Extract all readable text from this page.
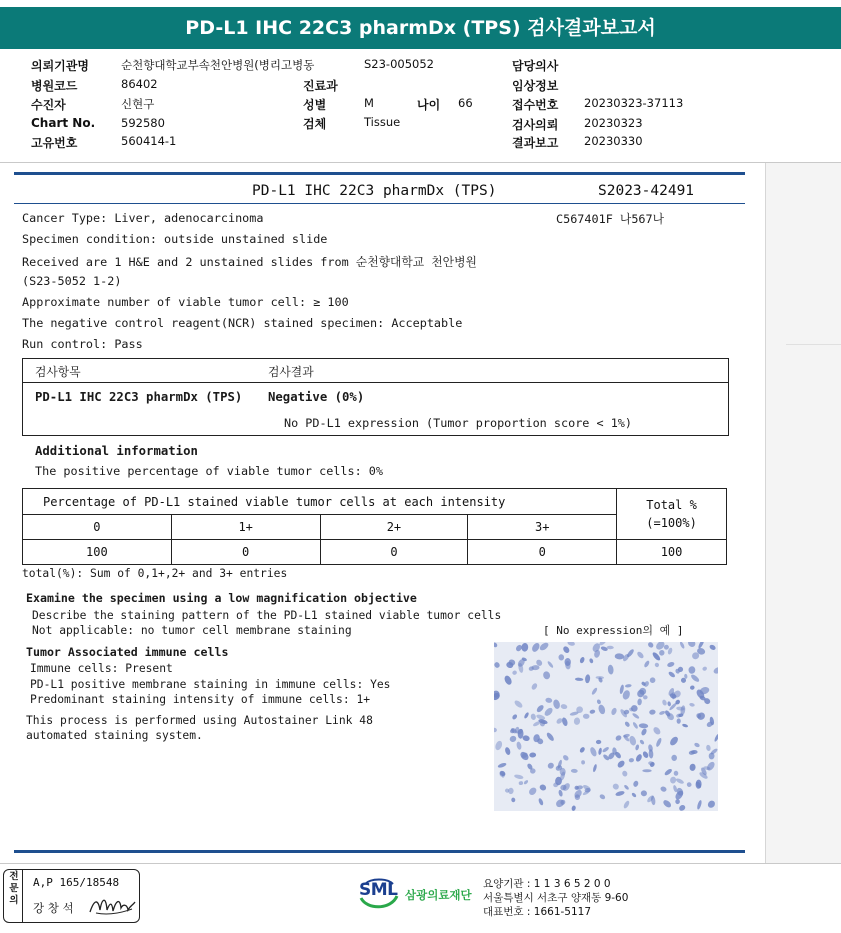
PD-L1 IHC 22C3 pharmDx (TPS) 검사결과보고서
의뢰기관명	순천향대학교부속천안병원(병리고병동	S23-005052	담당의사
병원코드	86402	진료과	임상정보
수진자	신현구	성별	M	나이 66	접수번호 20230323-37113
Chart No. 592580	검체	Tissue	검사의뢰 20230323
고유번호	560414-1	결과보고 20230330
PD-L1 IHC 22C3 pharmDx (TPS)	S2023-42491
C567401F 나567나
Cancer Type: Liver, adenocarcinoma
Specimen condition: outside unstained slide
Received are 1 H&E and 2 unstained slides from 순천향대학교 천안병원
(S23-5052 1-2)
Approximate number of viable tumor cell: ≥ 100
The negative control reagent(NCR) stained specimen: Acceptable
Run control: Pass
검사항목	검사결과
PD-L1 IHC 22C3 pharmDx (TPS) Negative (0%)
No PD-L1 expression (Tumor proportion score < 1%)
Additional information
The positive percentage of viable tumor cells: 0%
Percentage of PD-L1 stained viable tumor cells at each intensity				Total %
(=100%)
0	1+	2+	3+	
100	0	0	0	100
total(%): Sum of 0,1+,2+ and 3+ entries
Examine the specimen using a low magnification objective
Describe the staining pattern of the PD-L1 stained viable tumor cells
Not applicable: no tumor cell membrane staining	[ No expression의 예 ]
Tumor Associated immune cells
Immune cells: Present
PD-L1 positive membrane staining in immune cells: Yes
Predominant staining intensity of immune cells: 1+
This process is performed using Autostainer Link 48
automated staining system.
전
문
의
A,P 165/18548
강 창 석
SML 삼광의료재단
요양기관 : 1 1 3 6 5 2 0 0
서울특별시 서초구 양재동 9-60
대표번호 : 1661-5117
